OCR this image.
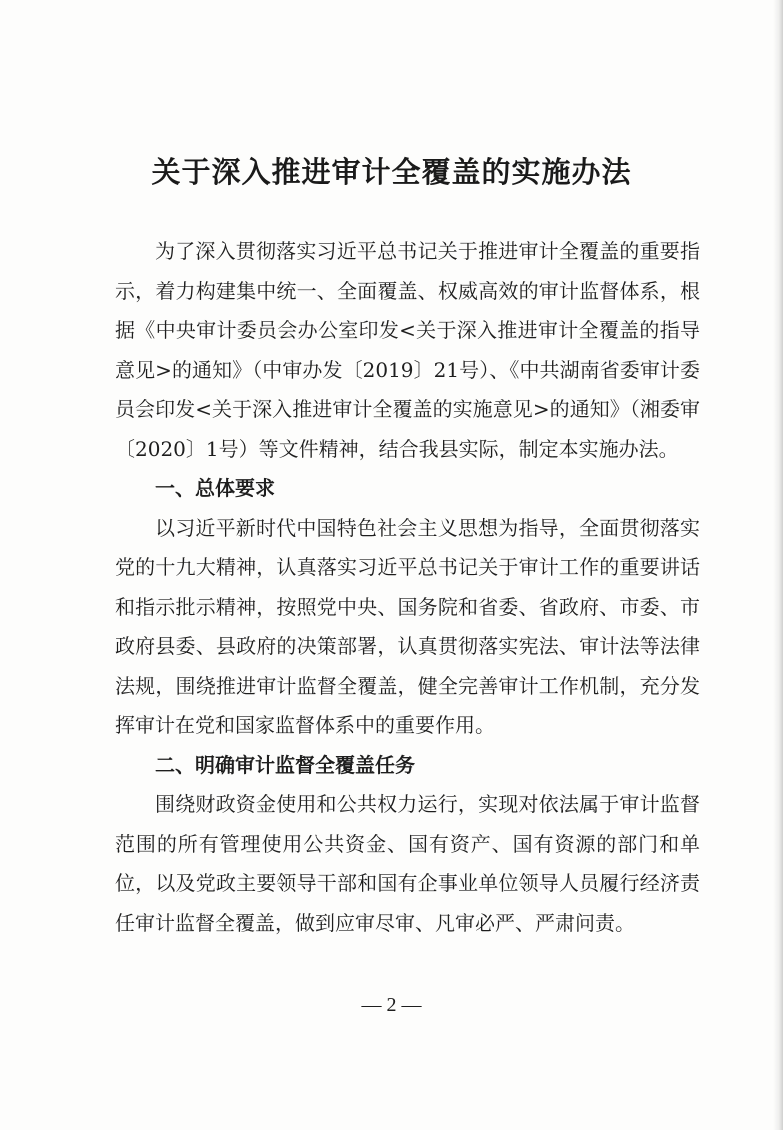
关于深入推进审计全覆盖的实施办法

为了深入贯彻落实习近平总书记关于推进审计全覆盖的重要指示，着力构建集中统一、全面覆盖、权威高效的审计监督体系，根据《中央审计委员会办公室印发<关于深入推进审计全覆盖的指导意见>的通知》（中审办发〔2019〕21号）、《中共湖南省委审计委员会印发<关于深入推进审计全覆盖的实施意见>的通知》（湘委审〔2020〕1号）等文件精神，结合我县实际，制定本实施办法。

一、总体要求

以习近平新时代中国特色社会主义思想为指导，全面贯彻落实党的十九大精神，认真落实习近平总书记关于审计工作的重要讲话和指示批示精神，按照党中央、国务院和省委、省政府、市委、市政府县委、县政府的决策部署，认真贯彻落实宪法、审计法等法律法规，围绕推进审计监督全覆盖，健全完善审计工作机制，充分发挥审计在党和国家监督体系中的重要作用。

二、明确审计监督全覆盖任务

围绕财政资金使用和公共权力运行，实现对依法属于审计监督范围的所有管理使用公共资金、国有资产、国有资源的部门和单位，以及党政主要领导干部和国有企事业单位领导人员履行经济责任审计监督全覆盖，做到应审尽审、凡审必严、严肃问责。

— 2 —
